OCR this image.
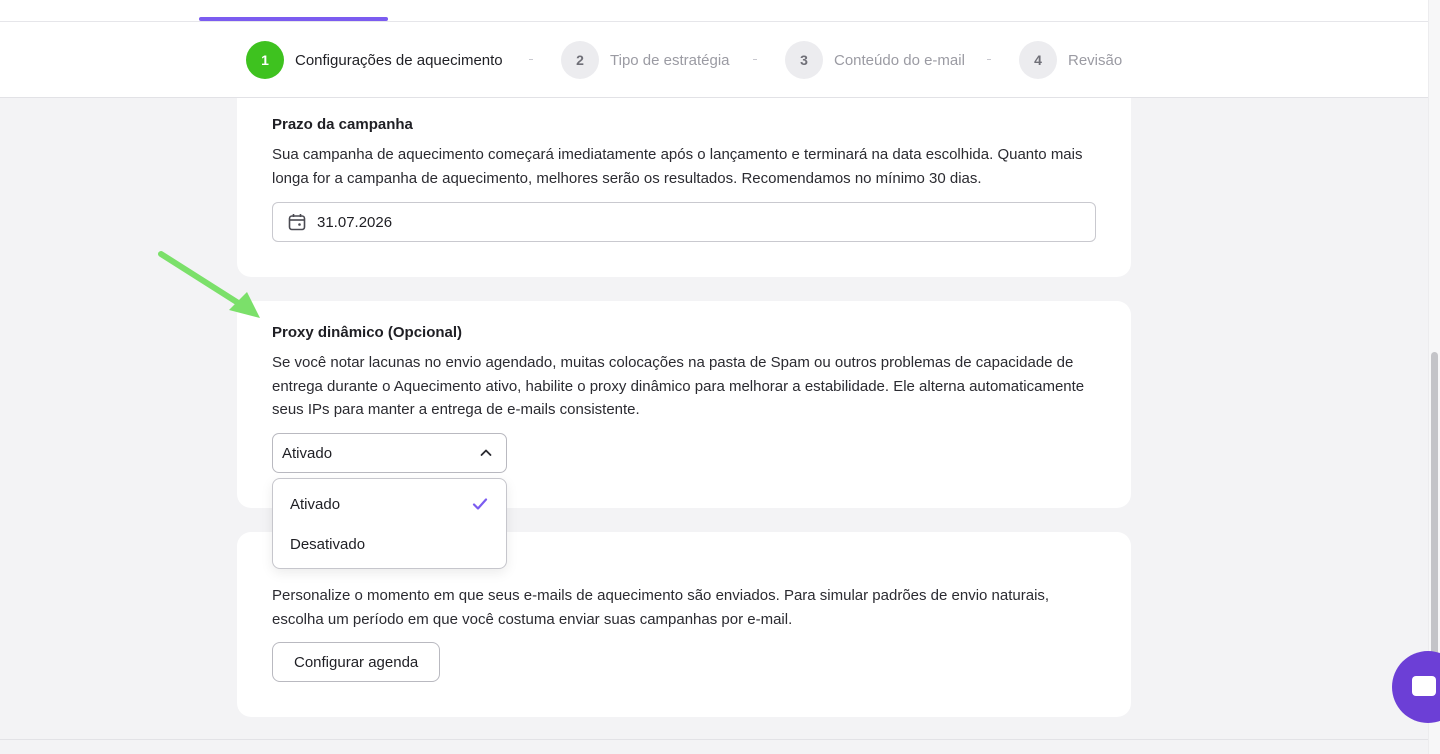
1	Configurações de aquecimento	2	Tipo de estratégia	3	Conteúdo do e-mail	4	Revisão
Prazo da campanha

Sua campanha de aquecimento começará imediatamente após o lançamento e terminará na data escolhida. Quanto mais longa for a campanha de aquecimento, melhores serão os resultados. Recomendamos no mínimo 30 dias.

31.07.2026
Proxy dinâmico (Opcional)

Se você notar lacunas no envio agendado, muitas colocações na pasta de Spam ou outros problemas de capacidade de entrega durante o Aquecimento ativo, habilite o proxy dinâmico para melhorar a estabilidade. Ele alterna automaticamente seus IPs para manter a entrega de e-mails consistente.

Ativado

Personalize o momento em que seus e-mails de aquecimento são enviados. Para simular padrões de envio naturais, escolha um período em que você costuma enviar suas campanhas por e-mail.

Configurar agenda
Ativado
Desativado
